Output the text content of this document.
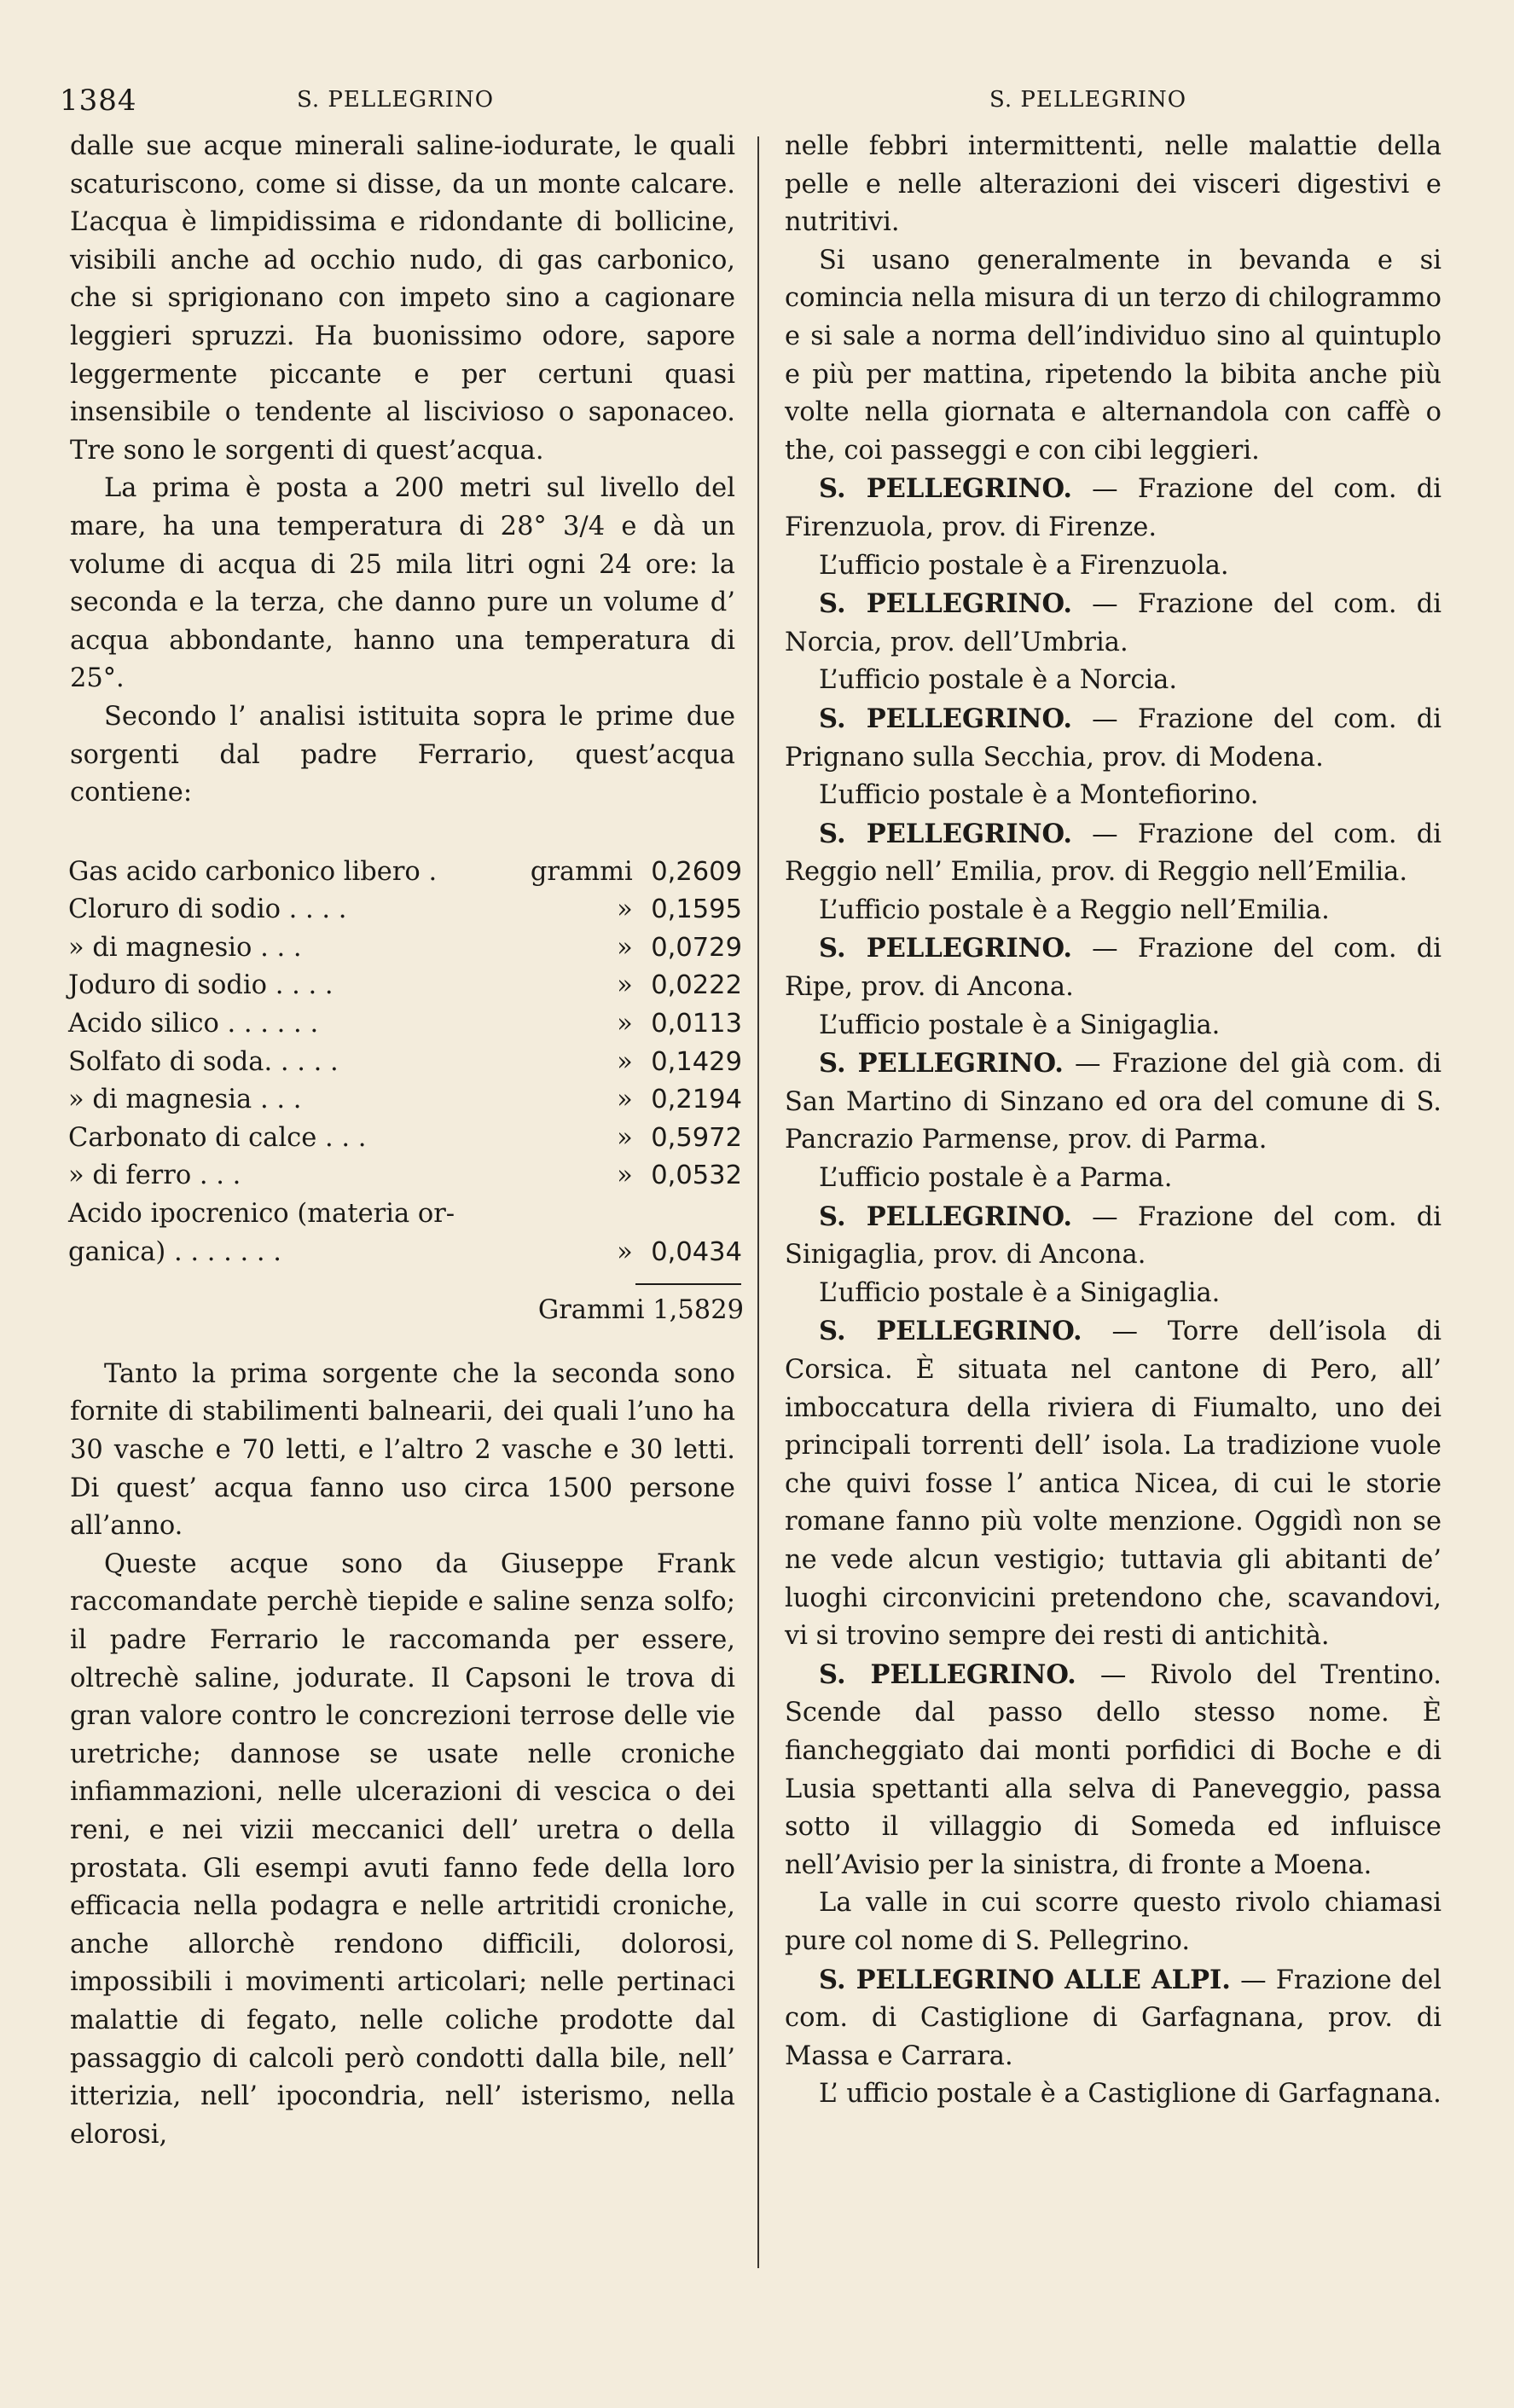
1384	S. PELLEGRINO	S. PELLEGRINO

dalle sue acque minerali saline-iodurate, le quali scaturiscono, come si disse, da un monte calcare. L’acqua è limpidissima e ridondante di bollicine, visibili anche ad occhio nudo, di gas carbonico, che si sprigionano con impeto sino a cagionare leggieri spruzzi. Ha buonissimo odore, sapore leggermente piccante e per certuni quasi insensibile o tendente al liscivioso o saponaceo. Tre sono le sorgenti di quest’acqua.

La prima è posta a 200 metri sul livello del mare, ha una temperatura di 28° 3/4 e dà un volume di acqua di 25 mila litri ogni 24 ore: la seconda e la terza, che danno pure un volume d’ acqua abbondante, hanno una temperatura di 25°.

Secondo l’ analisi istituita sopra le prime due sorgenti dal padre Ferrario, quest’acqua contiene:

Gas acido carbonico libero .	grammi	0,2609
Cloruro di sodio . . . .	»	0,1595
» di magnesio . . .	»	0,0729
Joduro di sodio . . . .	»	0,0222
Acido silico . . . . . .	»	0,0113
Solfato di soda. . . . .	»	0,1429
» di magnesia . . .	»	0,2194
Carbonato di calce . . .	»	0,5972
» di ferro . . .	»	0,0532
Acido ipocrenico (materia or-		
ganica) . . . . . . .	»	0,0434
Grammi 1,5829

Tanto la prima sorgente che la seconda sono fornite di stabilimenti balnearii, dei quali l’uno ha 30 vasche e 70 letti, e l’altro 2 vasche e 30 letti. Di quest’ acqua fanno uso circa 1500 persone all’anno.

Queste acque sono da Giuseppe Frank raccomandate perchè tiepide e saline senza solfo; il padre Ferrario le raccomanda per essere, oltrechè saline, jodurate. Il Capsoni le trova di gran valore contro le concrezioni terrose delle vie uretriche; dannose se usate nelle croniche infiammazioni, nelle ulcerazioni di vescica o dei reni, e nei vizii meccanici dell’ uretra o della prostata. Gli esempi avuti fanno fede della loro efficacia nella podagra e nelle artritidi croniche, anche allorchè rendono difficili, dolorosi, impossibili i movimenti articolari; nelle pertinaci malattie di fegato, nelle coliche prodotte dal passaggio di calcoli però condotti dalla bile, nell’ itterizia, nell’ ipocondria, nell’ isterismo, nella elorosi,

nelle febbri intermittenti, nelle malattie della pelle e nelle alterazioni dei visceri digestivi e nutritivi.

Si usano generalmente in bevanda e si comincia nella misura di un terzo di chilogrammo e si sale a norma dell’individuo sino al quintuplo e più per mattina, ripetendo la bibita anche più volte nella giornata e alternandola con caffè o the, coi passeggi e con cibi leggieri.

S. PELLEGRINO. — Frazione del com. di Firenzuola, prov. di Firenze.

L’ufficio postale è a Firenzuola.

S. PELLEGRINO. — Frazione del com. di Norcia, prov. dell’Umbria.

L’ufficio postale è a Norcia.

S. PELLEGRINO. — Frazione del com. di Prignano sulla Secchia, prov. di Modena.

L’ufficio postale è a Montefiorino.

S. PELLEGRINO. — Frazione del com. di Reggio nell’ Emilia, prov. di Reggio nell’Emilia.

L’ufficio postale è a Reggio nell’Emilia.

S. PELLEGRINO. — Frazione del com. di Ripe, prov. di Ancona.

L’ufficio postale è a Sinigaglia.

S. PELLEGRINO. — Frazione del già com. di San Martino di Sinzano ed ora del comune di S. Pancrazio Parmense, prov. di Parma.

L’ufficio postale è a Parma.

S. PELLEGRINO. — Frazione del com. di Sinigaglia, prov. di Ancona.

L’ufficio postale è a Sinigaglia.

S. PELLEGRINO. — Torre dell’isola di Corsica. È situata nel cantone di Pero, all’ imboccatura della riviera di Fiumalto, uno dei principali torrenti dell’ isola. La tradizione vuole che quivi fosse l’ antica Nicea, di cui le storie romane fanno più volte menzione. Oggidì non se ne vede alcun vestigio; tuttavia gli abitanti de’ luoghi circonvicini pretendono che, scavandovi, vi si trovino sempre dei resti di antichità.

S. PELLEGRINO. — Rivolo del Trentino. Scende dal passo dello stesso nome. È fiancheggiato dai monti porfidici di Boche e di Lusia spettanti alla selva di Paneveggio, passa sotto il villaggio di Someda ed influisce nell’Avisio per la sinistra, di fronte a Moena.

La valle in cui scorre questo rivolo chiamasi pure col nome di S. Pellegrino.

S. PELLEGRINO ALLE ALPI. — Frazione del com. di Castiglione di Garfagnana, prov. di Massa e Carrara.

L’ ufficio postale è a Castiglione di Garfagnana.
